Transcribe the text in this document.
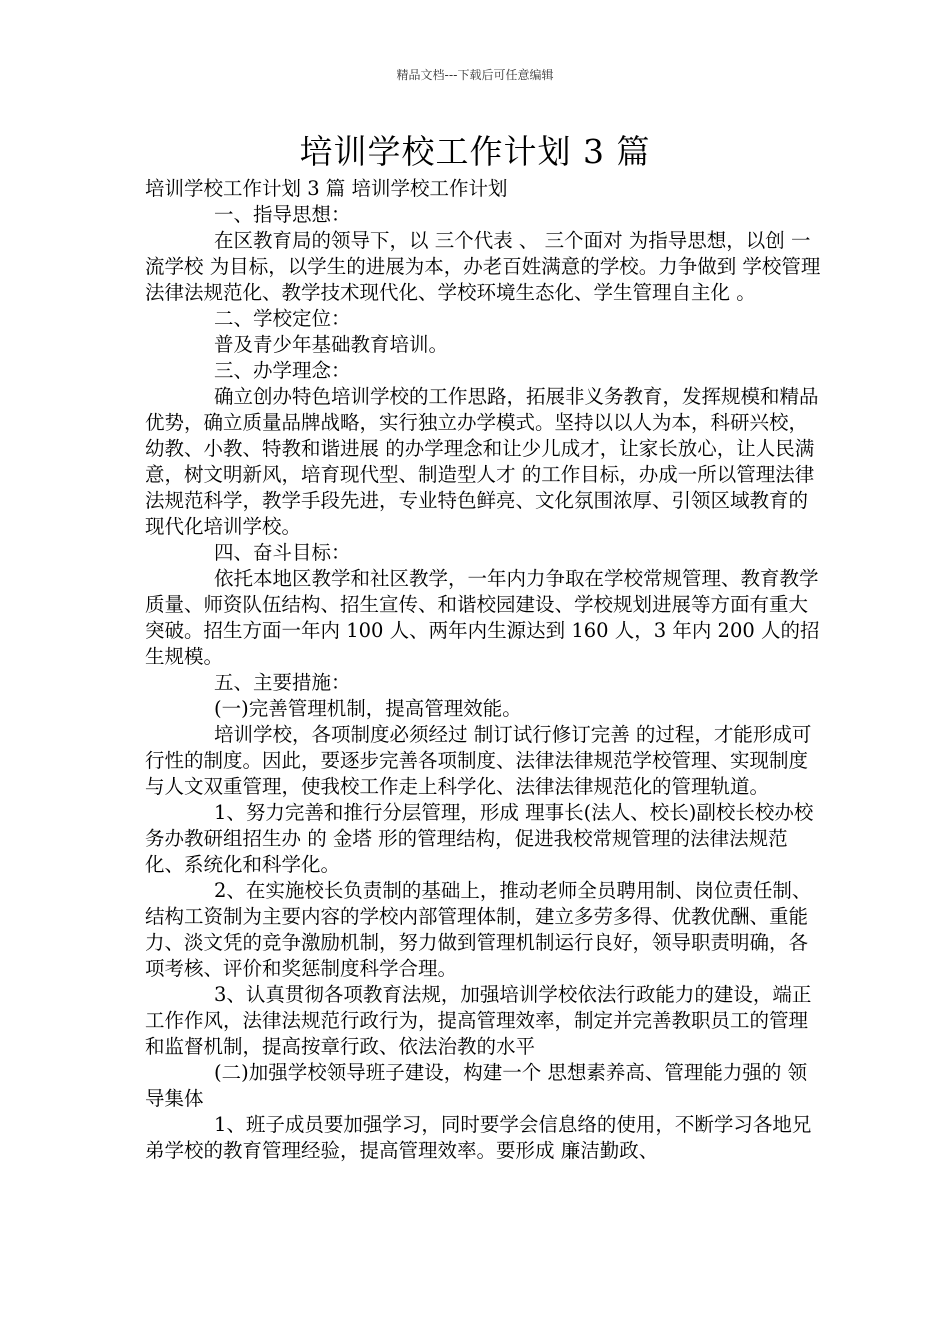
精品文档---下载后可任意编辑
培训学校工作计划 3 篇

培训学校工作计划 3 篇 培训学校工作计划

一、指导思想：

在区教育局的领导下，以 三个代表 、 三个面对 为指导思想，以创 一流学校 为目标，以学生的进展为本，办老百姓满意的学校。力争做到 学校管理法律法规范化、教学技术现代化、学校环境生态化、学生管理自主化 。

二、学校定位：

普及青少年基础教育培训。

三、办学理念：

确立创办特色培训学校的工作思路，拓展非义务教育，发挥规模和精品优势，确立质量品牌战略，实行独立办学模式。坚持以以人为本，科研兴校，幼教、小教、特教和谐进展 的办学理念和让少儿成才，让家长放心，让人民满意，树文明新风，培育现代型、制造型人才 的工作目标，办成一所以管理法律法规范科学，教学手段先进，专业特色鲜亮、文化氛围浓厚、引领区域教育的现代化培训学校。

四、奋斗目标：

依托本地区教学和社区教学，一年内力争取在学校常规管理、教育教学质量、师资队伍结构、招生宣传、和谐校园建设、学校规划进展等方面有重大突破。招生方面一年内 100 人、两年内生源达到 160 人，3 年内 200 人的招生规模。

五、主要措施：

(一)完善管理机制，提高管理效能。

培训学校，各项制度必须经过 制订试行修订完善 的过程，才能形成可行性的制度。因此，要逐步完善各项制度、法律法律规范学校管理、实现制度与人文双重管理，使我校工作走上科学化、法律法律规范化的管理轨道。

1、努力完善和推行分层管理，形成 理事长(法人、校长)副校长校办校务办教研组招生办 的 金塔 形的管理结构，促进我校常规管理的法律法规范化、系统化和科学化。

2、在实施校长负责制的基础上，推动老师全员聘用制、岗位责任制、结构工资制为主要内容的学校内部管理体制，建立多劳多得、优教优酬、重能力、淡文凭的竞争激励机制，努力做到管理机制运行良好，领导职责明确，各项考核、评价和奖惩制度科学合理。

3、认真贯彻各项教育法规，加强培训学校依法行政能力的建设，端正工作作风，法律法规范行政行为，提高管理效率，制定并完善教职员工的管理和监督机制，提高按章行政、依法治教的水平

(二)加强学校领导班子建设，构建一个 思想素养高、管理能力强的 领导集体

1、班子成员要加强学习，同时要学会信息络的使用，不断学习各地兄弟学校的教育管理经验，提高管理效率。要形成 廉洁勤政、
